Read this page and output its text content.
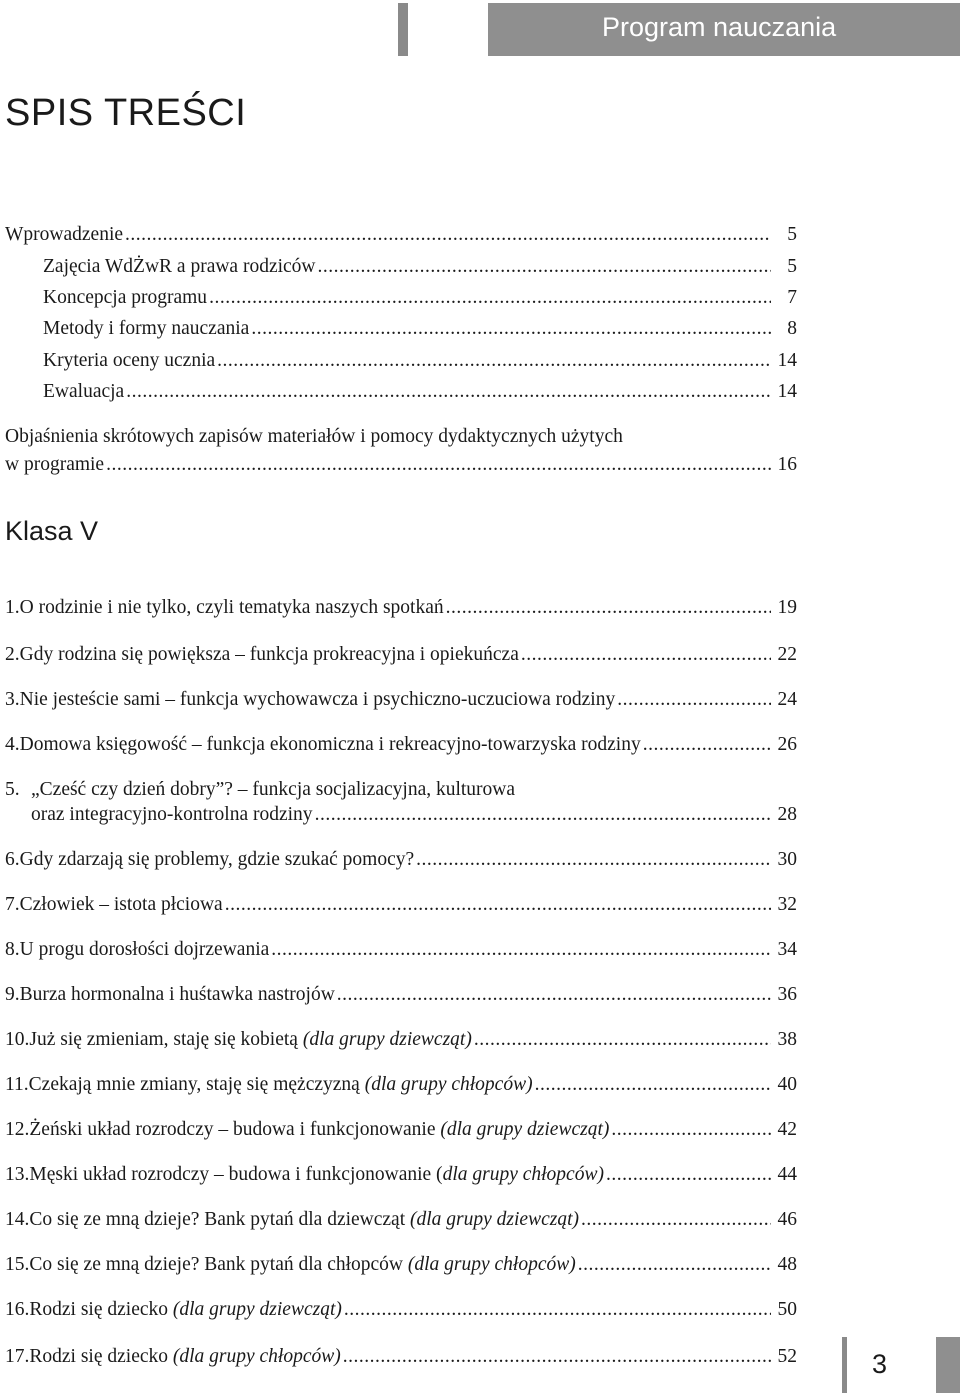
Program nauczania
SPIS TREŚCI
Wprowadzenie .....	5
Zajęcia WdŻwR a prawa rodziców .....	5
Koncepcja programu .....	7
Metody i formy nauczania .....	8
Kryteria oceny ucznia .....	14
Ewaluacja .....	14
Objaśnienia skrótowych zapisów materiałów i pomocy dydaktycznych użytych
w programie .....	16
Klasa V
1. O rodzinie i nie tylko, czyli tematyka naszych spotkań .....	19
2. Gdy rodzina się powiększa – funkcja prokreacyjna i opiekuńcza .....	22
3. Nie jesteście sami – funkcja wychowawcza i psychiczno-uczuciowa rodziny .....	24
4. Domowa księgowość – funkcja ekonomiczna i rekreacyjno-towarzyska rodziny .....	26
5. „Cześć czy dzień dobry”? – funkcja socjalizacyjna, kulturowa
oraz integracyjno-kontrolna rodziny .....	28
6. Gdy zdarzają się problemy, gdzie szukać pomocy? .....	30
7. Człowiek – istota płciowa .....	32
8. U progu dorosłości dojrzewania .....	34
9. Burza hormonalna i huśtawka nastrojów .....	36
10. Już się zmieniam, staję się kobietą (dla grupy dziewcząt) .....	38
11. Czekają mnie zmiany, staję się mężczyzną (dla grupy chłopców) .....	40
12. Żeński układ rozrodczy – budowa i funkcjonowanie (dla grupy dziewcząt) .....	42
13. Męski układ rozrodczy – budowa i funkcjonowanie (dla grupy chłopców) .....	44
14. Co się ze mną dzieje? Bank pytań dla dziewcząt (dla grupy dziewcząt) .....	46
15. Co się ze mną dzieje? Bank pytań dla chłopców (dla grupy chłopców) .....	48
16. Rodzi się dziecko (dla grupy dziewcząt) .....	50
17. Rodzi się dziecko (dla grupy chłopców) .....	52	3
